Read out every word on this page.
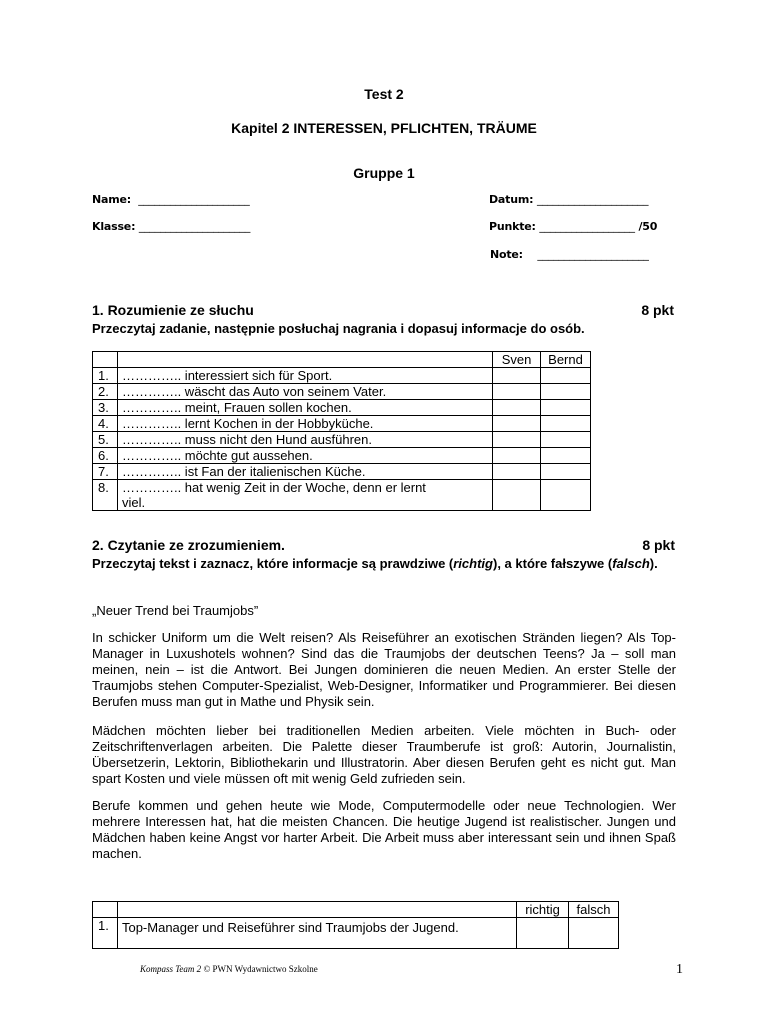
Test 2
Kapitel 2 INTERESSEN, PFLICHTEN, TRÄUME
Gruppe 1
Name: _____________________	Datum: _____________________
Klasse: _____________________	Punkte: __________________ /50
Note: _____________________
1. Rozumienie ze słuchu	8 pkt
Przeczytaj zadanie, następnie posłuchaj nagrania i dopasuj informacje do osób.
		Sven	Bernd
1.	………….. interessiert sich für Sport.		
2.	………….. wäscht das Auto von seinem Vater.		
3.	………….. meint, Frauen sollen kochen.		
4.	………….. lernt Kochen in der Hobbyküche.		
5.	………….. muss nicht den Hund ausführen.		
6.	………….. möchte gut aussehen.		
7.	………….. ist Fan der italienischen Küche.		
8.	………….. hat wenig Zeit in der Woche, denn er lernt viel.		
2. Czytanie ze zrozumieniem.	8 pkt
Przeczytaj tekst i zaznacz, które informacje są prawdziwe (richtig), a które fałszywe (falsch).
„Neuer Trend bei Traumjobs”
In schicker Uniform um die Welt reisen? Als Reiseführer an exotischen Stränden liegen? Als Top-Manager in Luxushotels wohnen? Sind das die Traumjobs der deutschen Teens? Ja – soll man meinen, nein – ist die Antwort. Bei Jungen dominieren die neuen Medien. An erster Stelle der Traumjobs stehen Computer-Spezialist, Web-Designer, Informatiker und Programmierer. Bei diesen Berufen muss man gut in Mathe und Physik sein.
Mädchen möchten lieber bei traditionellen Medien arbeiten. Viele möchten in Buch- oder Zeitschriftenverlagen arbeiten. Die Palette dieser Traumberufe ist groß: Autorin, Journalistin, Übersetzerin, Lektorin, Bibliothekarin und Illustratorin. Aber diesen Berufen geht es nicht gut. Man spart Kosten und viele müssen oft mit wenig Geld zufrieden sein.
Berufe kommen und gehen heute wie Mode, Computermodelle oder neue Technologien. Wer mehrere Interessen hat, hat die meisten Chancen. Die heutige Jugend ist realistischer. Jungen und Mädchen haben keine Angst vor harter Arbeit. Die Arbeit muss aber interessant sein und ihnen Spaß machen.
		richtig	falsch
1.	Top-Manager und Reiseführer sind Traumjobs der Jugend.		
Kompass Team 2 © PWN Wydawnictwo Szkolne	1
